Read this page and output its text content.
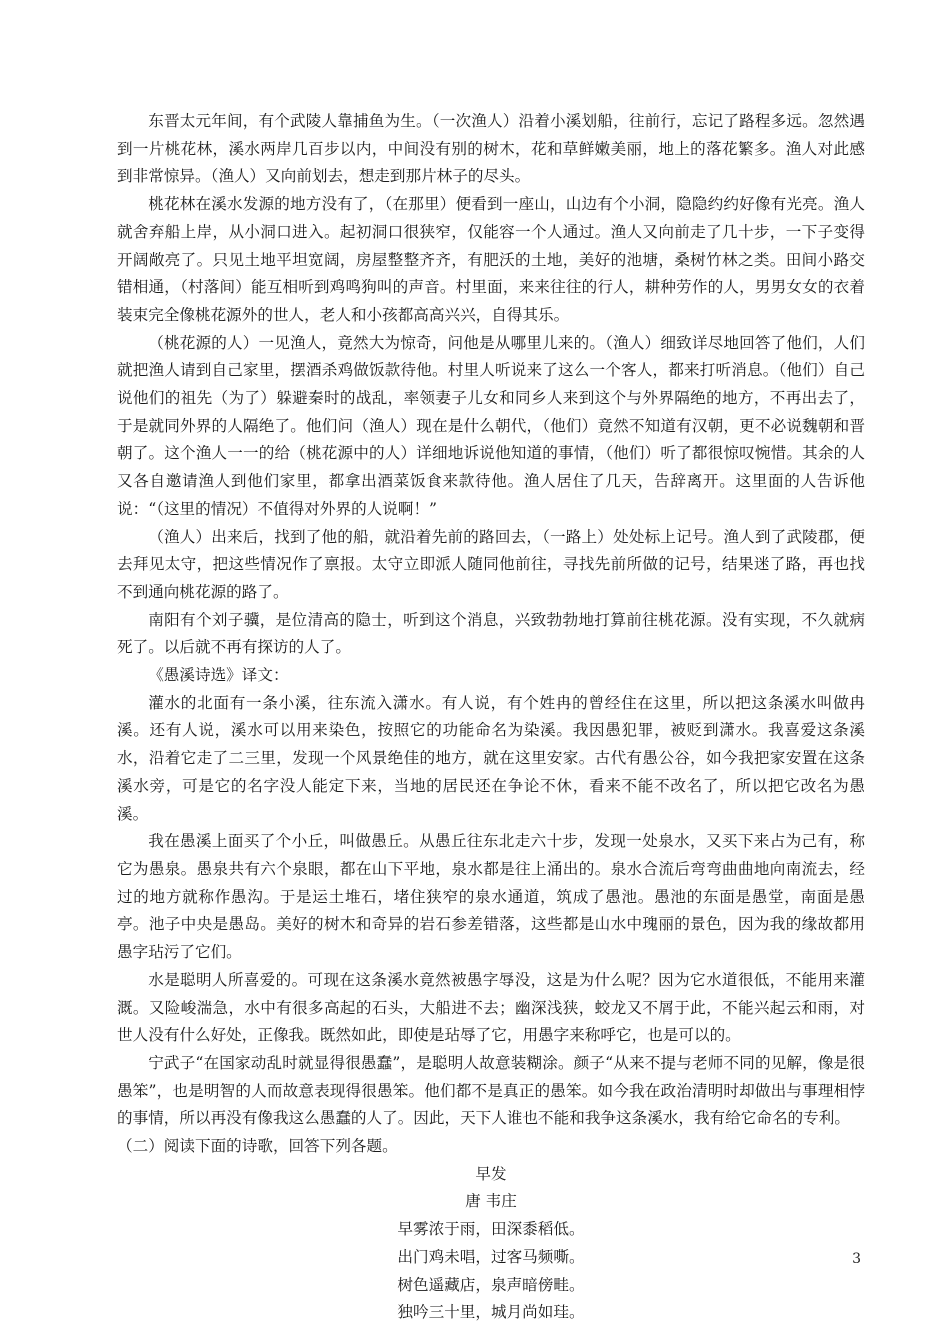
东晋太元年间，有个武陵人靠捕鱼为生。（一次渔人）沿着小溪划船，往前行，忘记了路程多远。忽然遇到一片桃花林，溪水两岸几百步以内，中间没有别的树木，花和草鲜嫩美丽，地上的落花繁多。渔人对此感到非常惊异。（渔人）又向前划去，想走到那片林子的尽头。

桃花林在溪水发源的地方没有了，（在那里）便看到一座山，山边有个小洞，隐隐约约好像有光亮。渔人就舍弃船上岸，从小洞口进入。起初洞口很狭窄，仅能容一个人通过。渔人又向前走了几十步，一下子变得开阔敞亮了。只见土地平坦宽阔，房屋整整齐齐，有肥沃的土地，美好的池塘，桑树竹林之类。田间小路交错相通，（村落间）能互相听到鸡鸣狗叫的声音。村里面，来来往往的行人，耕种劳作的人，男男女女的衣着装束完全像桃花源外的世人，老人和小孩都高高兴兴，自得其乐。

（桃花源的人）一见渔人，竟然大为惊奇，问他是从哪里儿来的。（渔人）细致详尽地回答了他们，人们就把渔人请到自己家里，摆酒杀鸡做饭款待他。村里人听说来了这么一个客人，都来打听消息。（他们）自己说他们的祖先（为了）躲避秦时的战乱，率领妻子儿女和同乡人来到这个与外界隔绝的地方，不再出去了，于是就同外界的人隔绝了。他们问（渔人）现在是什么朝代，（他们）竟然不知道有汉朝，更不必说魏朝和晋朝了。这个渔人一一的给（桃花源中的人）详细地诉说他知道的事情，（他们）听了都很惊叹惋惜。其余的人又各自邀请渔人到他们家里，都拿出酒菜饭食来款待他。渔人居住了几天，告辞离开。这里面的人告诉他说：“（这里的情况）不值得对外界的人说啊！”

（渔人）出来后，找到了他的船，就沿着先前的路回去，（一路上）处处标上记号。渔人到了武陵郡，便去拜见太守，把这些情况作了禀报。太守立即派人随同他前往，寻找先前所做的记号，结果迷了路，再也找不到通向桃花源的路了。

南阳有个刘子骥，是位清高的隐士，听到这个消息，兴致勃勃地打算前往桃花源。没有实现，不久就病死了。以后就不再有探访的人了。

《愚溪诗选》译文：

灌水的北面有一条小溪，往东流入潇水。有人说，有个姓冉的曾经住在这里，所以把这条溪水叫做冉溪。还有人说，溪水可以用来染色，按照它的功能命名为染溪。我因愚犯罪，被贬到潇水。我喜爱这条溪水，沿着它走了二三里，发现一个风景绝佳的地方，就在这里安家。古代有愚公谷，如今我把家安置在这条溪水旁，可是它的名字没人能定下来，当地的居民还在争论不休，看来不能不改名了，所以把它改名为愚溪。

我在愚溪上面买了个小丘，叫做愚丘。从愚丘往东北走六十步，发现一处泉水，又买下来占为己有，称它为愚泉。愚泉共有六个泉眼，都在山下平地，泉水都是往上涌出的。泉水合流后弯弯曲曲地向南流去，经过的地方就称作愚沟。于是运土堆石，堵住狭窄的泉水通道，筑成了愚池。愚池的东面是愚堂，南面是愚亭。池子中央是愚岛。美好的树木和奇异的岩石参差错落，这些都是山水中瑰丽的景色，因为我的缘故都用愚字玷污了它们。

水是聪明人所喜爱的。可现在这条溪水竟然被愚字辱没，这是为什么呢？因为它水道很低，不能用来灌溉。又险峻湍急，水中有很多高起的石头，大船进不去；幽深浅狭，蛟龙又不屑于此，不能兴起云和雨，对世人没有什么好处，正像我。既然如此，即使是玷辱了它，用愚字来称呼它，也是可以的。

宁武子“在国家动乱时就显得很愚蠢”，是聪明人故意装糊涂。颜子“从来不提与老师不同的见解，像是很愚笨”，也是明智的人而故意表现得很愚笨。他们都不是真正的愚笨。如今我在政治清明时却做出与事理相悖的事情，所以再没有像我这么愚蠢的人了。因此，天下人谁也不能和我争这条溪水，我有给它命名的专利。

（二）阅读下面的诗歌，回答下列各题。

早发
唐 韦庄
早雾浓于雨，田深黍稻低。
出门鸡未唱，过客马频嘶。
树色遥藏店，泉声暗傍畦。
独吟三十里，城月尚如珪。
3
